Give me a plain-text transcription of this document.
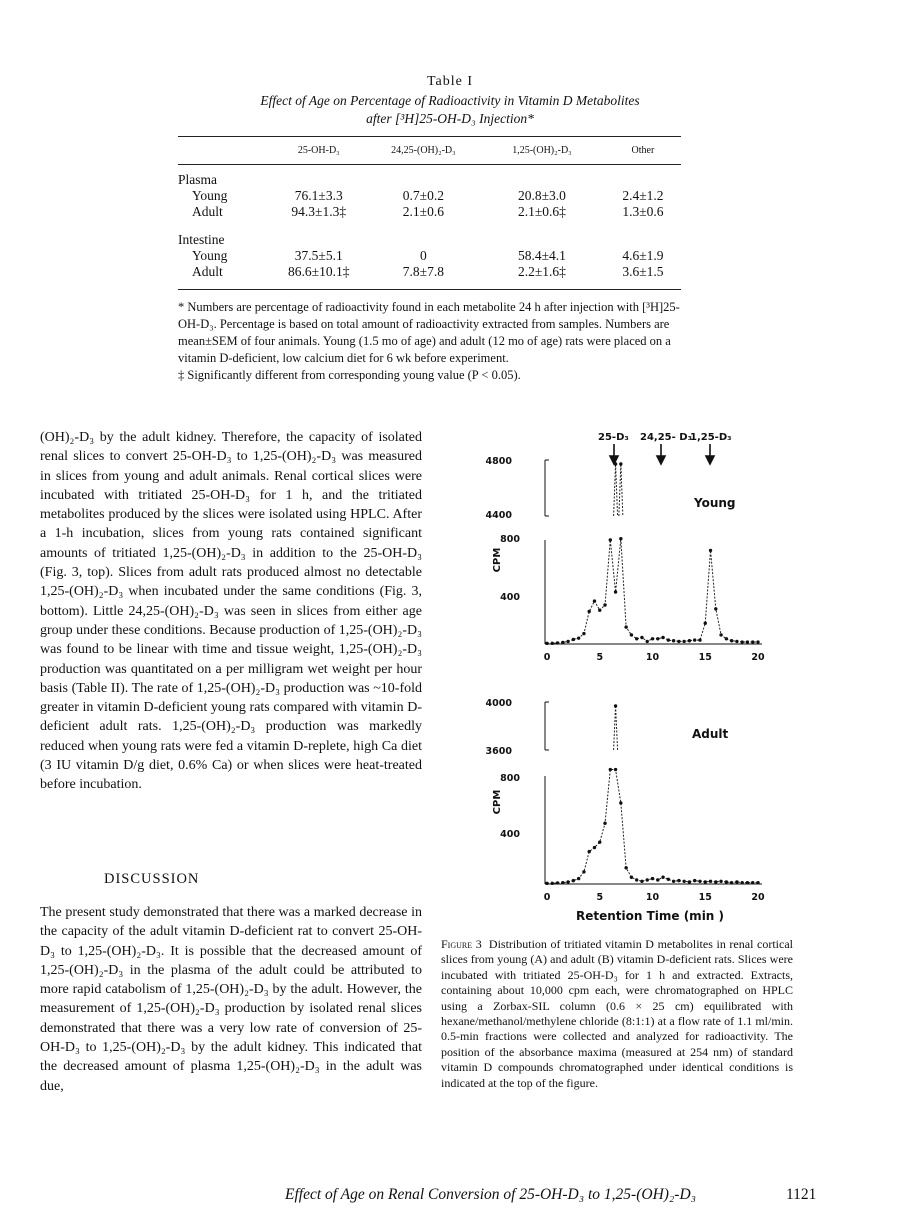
Table I
Effect of Age on Percentage of Radioactivity in Vitamin D Metabolites
after [³H]25-OH-D₃ Injection*
	25-OH-D₃	24,25-(OH)₂-D₃	1,25-(OH)₂-D₃	Other

Plasma				
Young	76.1±3.3	0.7±0.2	20.8±3.0	2.4±1.2
Adult	94.3±1.3‡	2.1±0.6	2.1±0.6‡	1.3±0.6

Intestine				
Young	37.5±5.1	0	58.4±4.1	4.6±1.9
Adult	86.6±10.1‡	7.8±7.8	2.2±1.6‡	3.6±1.5

* Numbers are percentage of radioactivity found in each metabolite 24 h after injection with [³H]25-OH-D₃. Percentage is based on total amount of radioactivity extracted from samples. Numbers are mean±SEM of four animals. Young (1.5 mo of age) and adult (12 mo of age) rats were placed on a vitamin D-deficient, low calcium diet for 6 wk before experiment.

‡ Significantly different from corresponding young value (P < 0.05).

(OH)₂-D₃ by the adult kidney. Therefore, the capacity of isolated renal slices to convert 25-OH-D₃ to 1,25-(OH)₂-D₃ was measured in slices from young and adult animals. Renal cortical slices were incubated with tritiated 25-OH-D₃ for 1 h, and the tritiated metabolites produced by the slices were isolated using HPLC. After a 1-h incubation, slices from young rats contained significant amounts of tritiated 1,25-(OH)₂-D₃ in addition to the 25-OH-D₃ (Fig. 3, top). Slices from adult rats produced almost no detectable 1,25-(OH)₂-D₃ when incubated under the same conditions (Fig. 3, bottom). Little 24,25-(OH)₂-D₃ was seen in slices from either age group under these conditions. Because production of 1,25-(OH)₂-D₃ was found to be linear with time and tissue weight, 1,25-(OH)₂-D₃ production was quantitated on a per milligram wet weight per hour basis (Table II). The rate of 1,25-(OH)₂-D₃ production was ~10-fold greater in vitamin D-deficient young rats compared with vitamin D-deficient adult rats. 1,25-(OH)₂-D₃ production was markedly reduced when young rats were fed a vitamin D-replete, high Ca diet (3 IU vitamin D/g diet, 0.6% Ca) or when slices were heat-treated before incubation.

DISCUSSION

The present study demonstrated that there was a marked decrease in the capacity of the adult vitamin D-deficient rat to convert 25-OH-D₃ to 1,25-(OH)₂-D₃. It is possible that the decreased amount of 1,25-(OH)₂-D₃ in the plasma of the adult could be attributed to more rapid catabolism of 1,25-(OH)₂-D₃ by the adult. However, the measurement of 1,25-(OH)₂-D₃ production by isolated renal slices demonstrated that there was a very low rate of conversion of 25-OH-D₃ to 1,25-(OH)₂-D₃ by the adult kidney. This indicated that the decreased amount of plasma 1,25-(OH)₂-D₃ in the adult was due,

25-D₃ 24,25- D₃
1,25-D₃
4800
4400
800
400
Young
CPM
0	5	10	15	20
4000
3600
800
400
Adult
CPM
0	5	10	15	20
Retention Time (min )
Figure 3 Distribution of tritiated vitamin D metabolites in renal cortical slices from young (A) and adult (B) vitamin D-deficient rats. Slices were incubated with tritiated 25-OH-D₃ for 1 h and extracted. Extracts, containing about 10,000 cpm each, were chromatographed on HPLC using a Zorbax-SIL column (0.6 × 25 cm) equilibrated with hexane/methanol/methylene chloride (8:1:1) at a flow rate of 1.1 ml/min. 0.5-min fractions were collected and analyzed for radioactivity. The position of the absorbance maxima (measured at 254 nm) of standard vitamin D compounds chromatographed under identical conditions is indicated at the top of the figure.
Effect of Age on Renal Conversion of 25-OH-D₃ to 1,25-(OH)₂-D₃	1121
